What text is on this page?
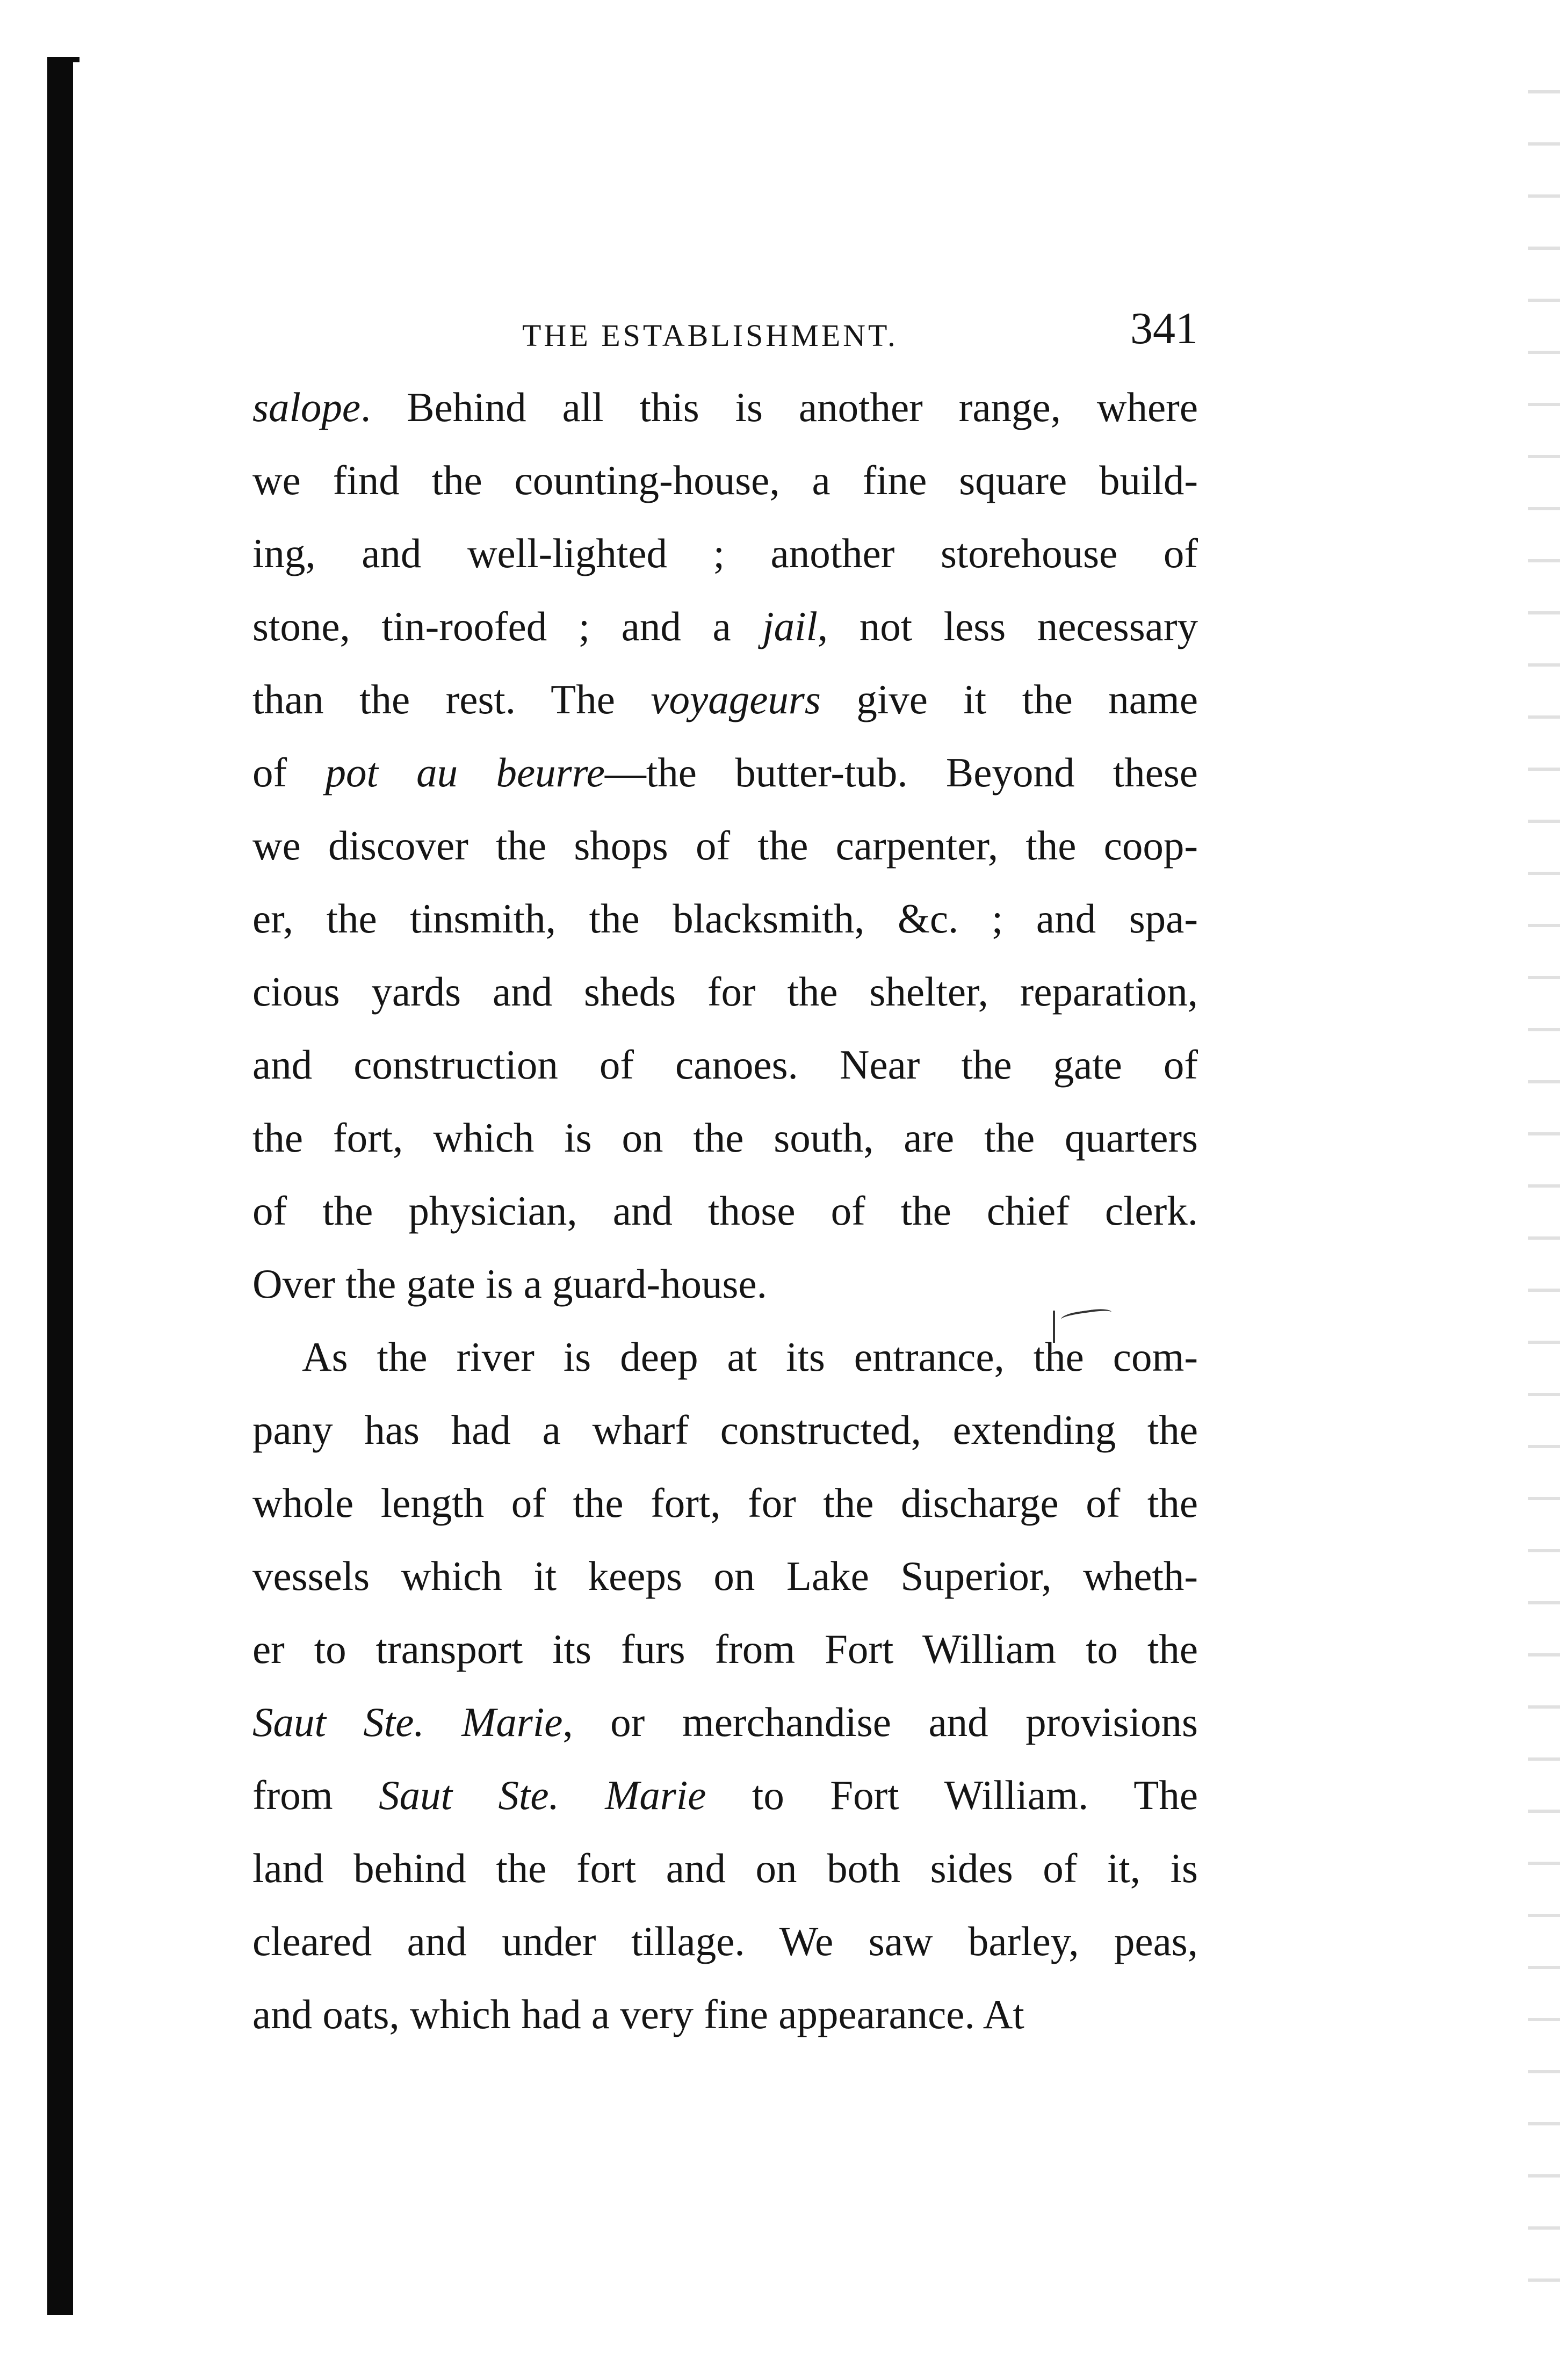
THE ESTABLISHMENT.	341
salope. Behind all this is another range, where
we find the counting-house, a fine square build-
ing, and well-lighted ; another storehouse of
stone, tin-roofed ; and a jail, not less necessary
than the rest. The voyageurs give it the name
of pot au beurre—the butter-tub. Beyond these
we discover the shops of the carpenter, the coop-
er, the tinsmith, the blacksmith, &c. ; and spa-
cious yards and sheds for the shelter, reparation,
and construction of canoes. Near the gate of
the fort, which is on the south, are the quarters
of the physician, and those of the chief clerk.
Over the gate is a guard-house.
As the river is deep at its entrance, the com-
pany has had a wharf constructed, extending the
whole length of the fort, for the discharge of the
vessels which it keeps on Lake Superior, wheth-
er to transport its furs from Fort William to the
Saut Ste. Marie, or merchandise and provisions
from Saut Ste. Marie to Fort William. The
land behind the fort and on both sides of it, is
cleared and under tillage. We saw barley, peas,
and oats, which had a very fine appearance. At
